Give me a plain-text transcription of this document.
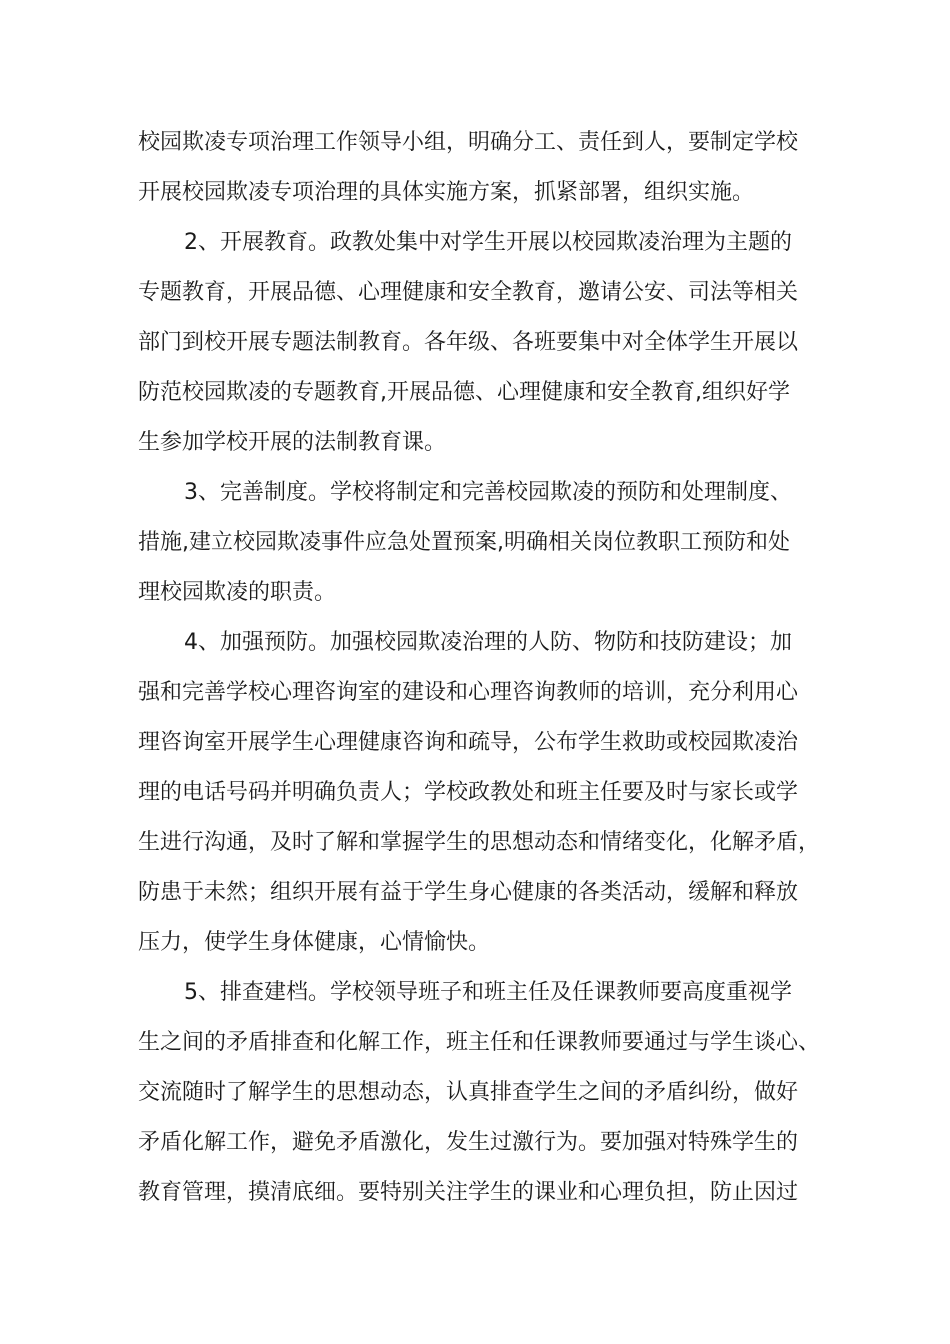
校园欺凌专项治理工作领导小组，明确分工、责任到人，要制定学校
开展校园欺凌专项治理的具体实施方案，抓紧部署，组织实施。
2、开展教育。政教处集中对学生开展以校园欺凌治理为主题的
专题教育，开展品德、心理健康和安全教育，邀请公安、司法等相关
部门到校开展专题法制教育。各年级、各班要集中对全体学生开展以
防范校园欺凌的专题教育,开展品德、心理健康和安全教育,组织好学
生参加学校开展的法制教育课。
3、完善制度。学校将制定和完善校园欺凌的预防和处理制度、
措施,建立校园欺凌事件应急处置预案,明确相关岗位教职工预防和处
理校园欺凌的职责。
4、加强预防。加强校园欺凌治理的人防、物防和技防建设；加
强和完善学校心理咨询室的建设和心理咨询教师的培训，充分利用心
理咨询室开展学生心理健康咨询和疏导，公布学生救助或校园欺凌治
理的电话号码并明确负责人；学校政教处和班主任要及时与家长或学
生进行沟通，及时了解和掌握学生的思想动态和情绪变化，化解矛盾，
防患于未然；组织开展有益于学生身心健康的各类活动，缓解和释放
压力，使学生身体健康，心情愉快。
5、排查建档。学校领导班子和班主任及任课教师要高度重视学
生之间的矛盾排查和化解工作，班主任和任课教师要通过与学生谈心、
交流随时了解学生的思想动态，认真排查学生之间的矛盾纠纷，做好
矛盾化解工作，避免矛盾激化，发生过激行为。要加强对特殊学生的
教育管理，摸清底细。要特别关注学生的课业和心理负担，防止因过
